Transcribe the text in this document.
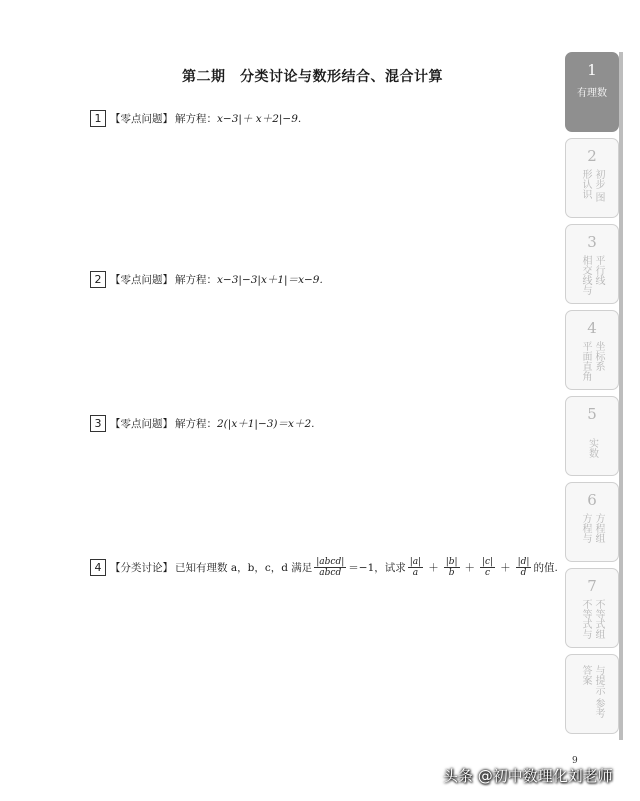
第二期　分类讨论与数形结合、混合计算
1 【零点问题】 解方程： x−3|＋ x＋2|−9.
2 【零点问题】 解方程： x−3|−3|x＋1|＝x−9.
3 【零点问题】 解方程： 2(|x＋1|−3)＝x＋2.
4 【分类讨论】 已知有理数 a，b，c，d 满足 $\frac{\text{|abcd|}}{\text{abcd}} =-1$，试求 $\frac{|a|}{a} + \frac{|b|}{b} + \frac{|c|}{c} + \frac{|d|}{d}$ 的值.
1
有理数
2
初步 图形认识
3
平行线 相交线与
4
坐标系 平面直角
5
实数
6
方程组 方程与
7
不等式组 不等式与
与提示 参考答案
9
头条 @初中数理化刘老师
